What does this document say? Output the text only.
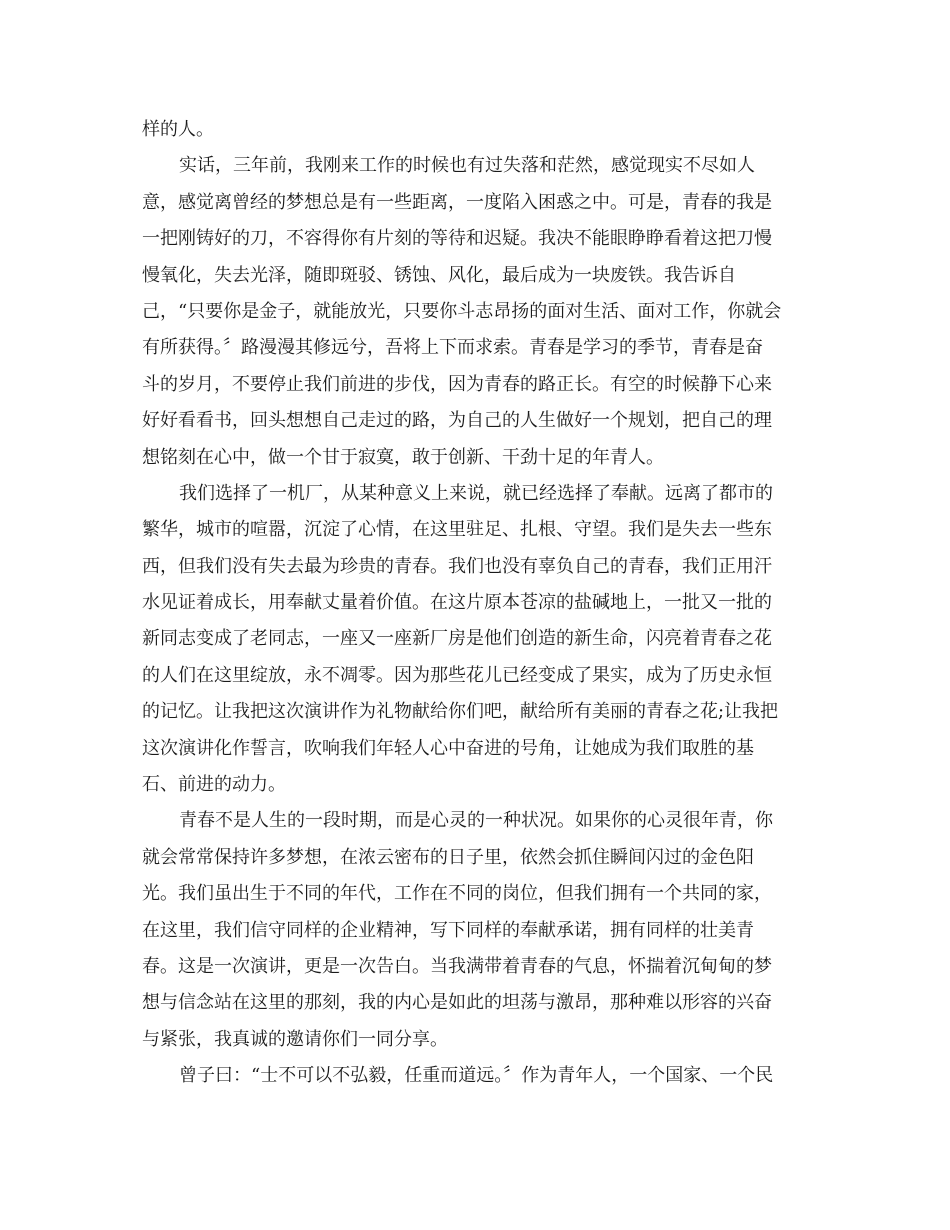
样的人。
实话，三年前，我刚来工作的时候也有过失落和茫然，感觉现实不尽如人
意，感觉离曾经的梦想总是有一些距离，一度陷入困惑之中。可是，青春的我是
一把刚铸好的刀，不容得你有片刻的等待和迟疑。我决不能眼睁睁看着这把刀慢
慢氧化，失去光泽，随即斑驳、锈蚀、风化，最后成为一块废铁。我告诉自
己，“只要你是金子，就能放光，只要你斗志昂扬的面对生活、面对工作，你就会
有所获得。〞路漫漫其修远兮，吾将上下而求索。青春是学习的季节，青春是奋
斗的岁月，不要停止我们前进的步伐，因为青春的路正长。有空的时候静下心来
好好看看书，回头想想自己走过的路，为自己的人生做好一个规划，把自己的理
想铭刻在心中，做一个甘于寂寞，敢于创新、干劲十足的年青人。
我们选择了一机厂，从某种意义上来说，就已经选择了奉献。远离了都市的
繁华，城市的喧嚣，沉淀了心情，在这里驻足、扎根、守望。我们是失去一些东
西，但我们没有失去最为珍贵的青春。我们也没有辜负自己的青春，我们正用汗
水见证着成长，用奉献丈量着价值。在这片原本苍凉的盐碱地上，一批又一批的
新同志变成了老同志，一座又一座新厂房是他们创造的新生命，闪亮着青春之花
的人们在这里绽放，永不凋零。因为那些花儿已经变成了果实，成为了历史永恒
的记忆。让我把这次演讲作为礼物献给你们吧，献给所有美丽的青春之花;让我把
这次演讲化作誓言，吹响我们年轻人心中奋进的号角，让她成为我们取胜的基
石、前进的动力。
青春不是人生的一段时期，而是心灵的一种状况。如果你的心灵很年青，你
就会常常保持许多梦想，在浓云密布的日子里，依然会抓住瞬间闪过的金色阳
光。我们虽出生于不同的年代，工作在不同的岗位，但我们拥有一个共同的家，
在这里，我们信守同样的企业精神，写下同样的奉献承诺，拥有同样的壮美青
春。这是一次演讲，更是一次告白。当我满带着青春的气息，怀揣着沉甸甸的梦
想与信念站在这里的那刻，我的内心是如此的坦荡与激昂，那种难以形容的兴奋
与紧张，我真诚的邀请你们一同分享。
曾子曰：“士不可以不弘毅，任重而道远。〞作为青年人，一个国家、一个民
